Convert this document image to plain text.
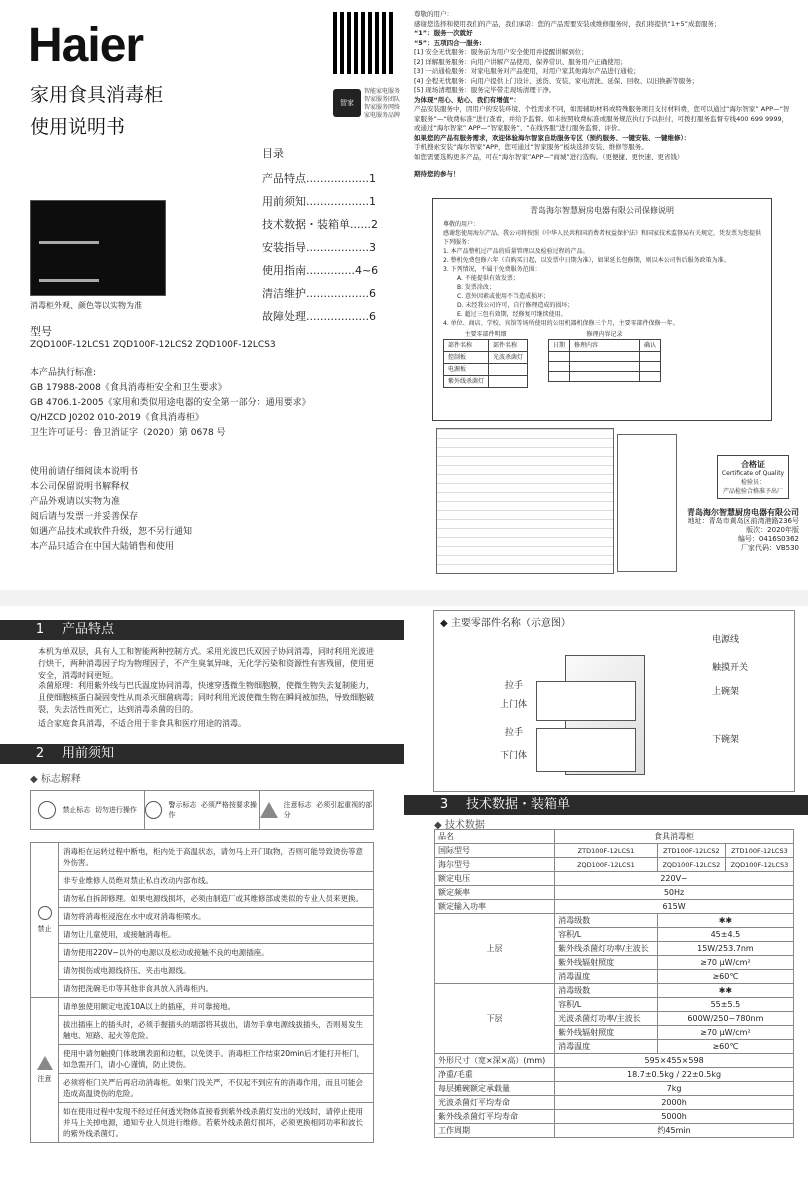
Haier
家用食具消毒柜
使用说明书
智家
智能家电服务
智家服务团队
智家服务网络
家电服务品牌
消毒柜外观、颜色等以实物为准
目录
产品特点..................1
用前须知..................1
技术数据・装箱单......2
安装指导..................3
使用指南..............4~6
清洁维护..................6
故障处理..................6
型号
ZQD100F-12LCS1 ZQD100F-12LCS2 ZQD100F-12LCS3
本产品执行标准:
GB 17988-2008《食具消毒柜安全和卫生要求》
GB 4706.1-2005《家用和类似用途电器的安全第一部分：通用要求》
Q/HZCD J0202 010-2019《食具消毒柜》
卫生许可证号：鲁卫消证字（2020）第 0678 号
使用前请仔细阅读本说明书
本公司保留说明书解释权
产品外观请以实物为准
阅后请与发票一并妥善保存
如遇产品技术或软件升级，恕不另行通知
本产品只适合在中国大陆销售和使用
尊敬的用户：
感谢您选择和使用我们的产品，我们承诺：您的产品需要安装或维修服务时，我们将提供“1+5”成套服务；
“1”：服务一次就好
“5”：五项四合一服务:
[1] 安全无忧服务：服务前为用户安全使用并提醒讲解到位；
[2] 详解服务服务：向用户讲解产品使用、保养常识、服务用户正确使用；
[3] 一站通检服务：对家电服务对产品使用，对用户家其他海尔产品进行通检；
[4] 全程无忧服务：向用户提供上门设计、送货、安装、家电清洗、延保、回收、以旧换新等服务；
[5] 现场清理服务：服务完毕带走现场清理干净。
为体现“用心、贴心、我们有增值”：
产品安装服务中，因用户的安装环境、个性需求不同，如需辅助材料或特殊服务项目支付材料费，您可以通过“海尔智家” APP—“智家服务”—“收费标准”进行查看，并给予监督。如未按照收费标准或服务规范执行予以拒付，可拨打服务监督专线400 699 9999，或通过“海尔智家” APP—“智家服务”、“在线客服”进行服务监督、评价。
如果您的产品有服务需求，欢迎体验海尔智家自助服务专区（预约服务、一键安装、一键维修）：
手机搜索安装“海尔智家”APP，您可通过“智家服务”板块选择安装、维修等服务。
如您需要选购更多产品，可在“海尔智家”APP—“商城”进行选购。（更便捷、更快速、更省钱）
期待您的参与！
青岛海尔智慧厨房电器有限公司保修说明
尊敬的用户：
感谢您使用海尔产品，我公司将按照《中华人民共和国消费者权益保护法》和国家技术监督局有关规定，凭发票为您提供下列服务：
1. 本产品整机过产品的质量管理以及检验过程的产品。
2. 整机免费包修六年（自购买日起，以发票中日期为准），如果延长包修期，则以本公司售后服务政策为准。
3. 下列情况，不属于免费服务范围：
A. 不能提供有效发票；
B. 发票涂改；
C. 意外因素或使用不当造成损坏；
D. 未经我公司许可，自行修理造成的损坏；
E. 超过三包有效期，经修复可继续使用。
4. 单位、商店、学校、宾馆等场所使用的公用机器机保修三个月，主要零部件保修一年。
主要零部件明细
部件名称	部件名称
控制板	光波杀菌灯
电源板	
紫外线杀菌灯	
修理内容记录
日期	修理内容	确认

合格证
Certificate of Quality
检验员：
产品检验合格准予出厂
青岛海尔智慧厨房电器有限公司
地址：青岛市黄岛区前湾港路236号
版次：2020年版
编号：0416S0362
厂家代码：VB530
1 产品特点
本机为单双层，具有人工和智能两种控制方式。采用光波巴氏双因子协同消毒，同时利用光波进行烘干，两种消毒因子均为物理因子，不产生臭氧异味，无化学污染和资源性有害残留，使用更安全，消毒时间更短。
杀菌原理：利用紫外线与巴氏温度协同消毒，快速穿透微生物细胞膜，使微生物失去复制能力，且使细胞核蛋白凝固变性从而杀灭细菌病毒；同时利用光波使微生物在瞬间被加热，导致细胞破裂，失去活性而死亡，达到消毒杀菌的目的。
适合家庭食具消毒，不适合用于非食具和医疗用途的消毒。
2 用前须知
◆ 标志解释
禁止标志 切勿进行操作
警示标志 必须严格按要求操作
注意标志 必须引起重视的部分
禁止	消毒柜在运转过程中断电，柜内处于高温状态，请勿马上开门取物，否则可能导致烫伤等意外伤害。
	非专业维修人员绝对禁止私自改动内部布线。
	请勿私自拆卸修理。如果电源线损坏，必须由制造厂或其维修部或类似的专业人员来更换。
	请勿将消毒柜浸泡在水中或对消毒柜喷水。
	请勿让儿童使用，或接触消毒柜。
	请勿使用220V~以外的电源以及松动或接触不良的电源插座。
	请勿损伤或电源线挤压、夹击电源线。
	请勿把洗碗毛巾等其他非食具放入消毒柜内。

注意	请单独使用额定电流10A以上的插座，并可靠接地。
	拔出插座上的插头时，必须手握插头的端部将其拔出，请勿手拿电源线拔插头，否则易发生触电、短路、起火等危险。
	使用中请勿触摸门体玻璃表面和边框，以免烫手。消毒柜工作结束20min后才能打开柜门，如急需开门，请小心谨慎，防止烫伤。
	必须将柜门关严后再启动消毒柜。如果门没关严，不仅起不到应有的消毒作用，而且可能会造成高温烫伤的危险。
	如在使用过程中发现不经过任何透光物体直接看到紫外线杀菌灯发出的光线时，请停止使用并马上关掉电源，通知专业人员进行维修。若紫外线杀菌灯损坏，必须更换相同功率和波长的紫外线杀菌灯。
◆ 主要零部件名称（示意图）
电源线
触摸开关
上碗架
下碗架
拉手
上门体
拉手
下门体
3 技术数据・装箱单
◆ 技术数据
品名	食具消毒柜		
国际型号	ZTD100F-12LCS1	ZTD100F-12LCS2	ZTD100F-12LCS3
海尔型号	ZQD100F-12LCS1	ZQD100F-12LCS2	ZQD100F-12LCS3
额定电压	220V~		
额定频率	50Hz		
额定输入功率	615W		
上层	消毒级数	✱✱	
	容积/L	45±4.5	
	紫外线杀菌灯功率/主波长	15W/253.7nm	
	紫外线辐射照度	≥70 μW/cm²	
	消毒温度	≥60℃	
下层	消毒级数	✱✱	
	容积/L	55±5.5	
	光波杀菌灯功率/主波长	600W/250~780nm	
	紫外线辐射照度	≥70 μW/cm²	
	消毒温度	≥60℃	
外形尺寸（宽×深×高）(mm)	595×455×598		
净重/毛重	18.7±0.5kg / 22±0.5kg		
每层摊碗额定承载量	7kg		
光波杀菌灯平均寿命	2000h		
紫外线杀菌灯平均寿命	5000h		
工作周期	约45min		
